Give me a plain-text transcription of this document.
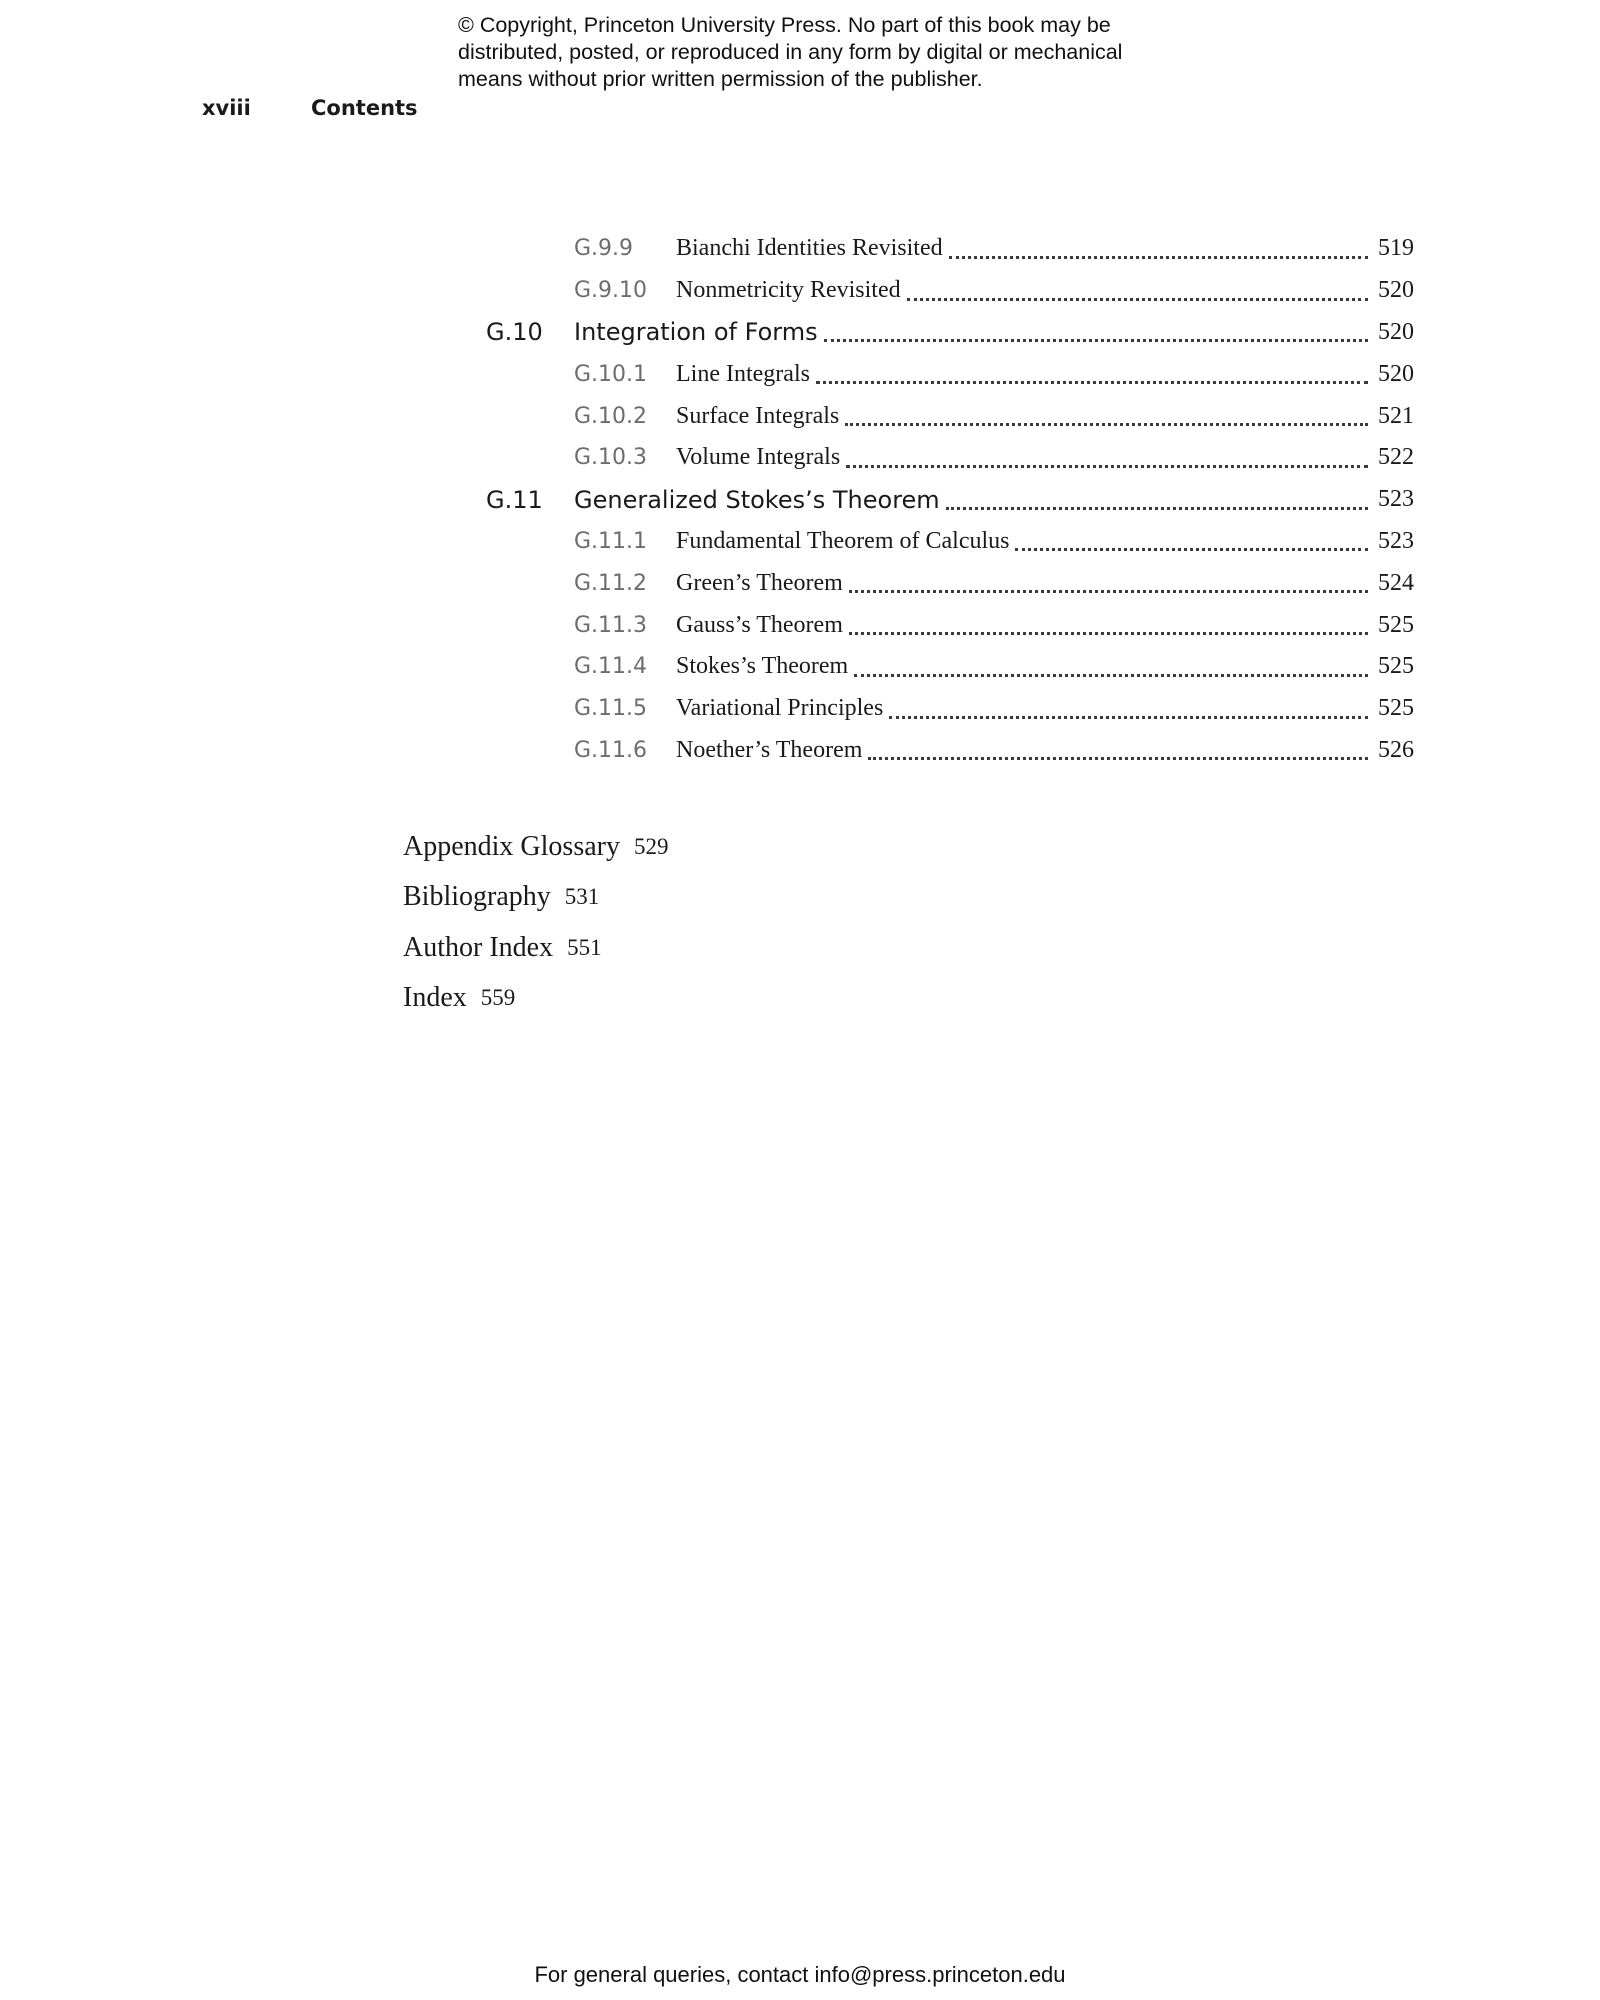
© Copyright, Princeton University Press. No part of this book may be
distributed, posted, or reproduced in any form by digital or mechanical
means without prior written permission of the publisher.
xviii	Contents
G.9.9	Bianchi Identities Revisited	519
G.9.10	Nonmetricity Revisited	520
G.10	Integration of Forms	520
G.10.1	Line Integrals	520
G.10.2	Surface Integrals	521
G.10.3	Volume Integrals	522
G.11	Generalized Stokes’s Theorem	523
G.11.1	Fundamental Theorem of Calculus	523
G.11.2	Green’s Theorem	524
G.11.3	Gauss’s Theorem	525
G.11.4	Stokes’s Theorem	525
G.11.5	Variational Principles	525
G.11.6	Noether’s Theorem	526
Appendix Glossary 529
Bibliography 531
Author Index 551
Index 559
For general queries, contact info@press.princeton.edu
